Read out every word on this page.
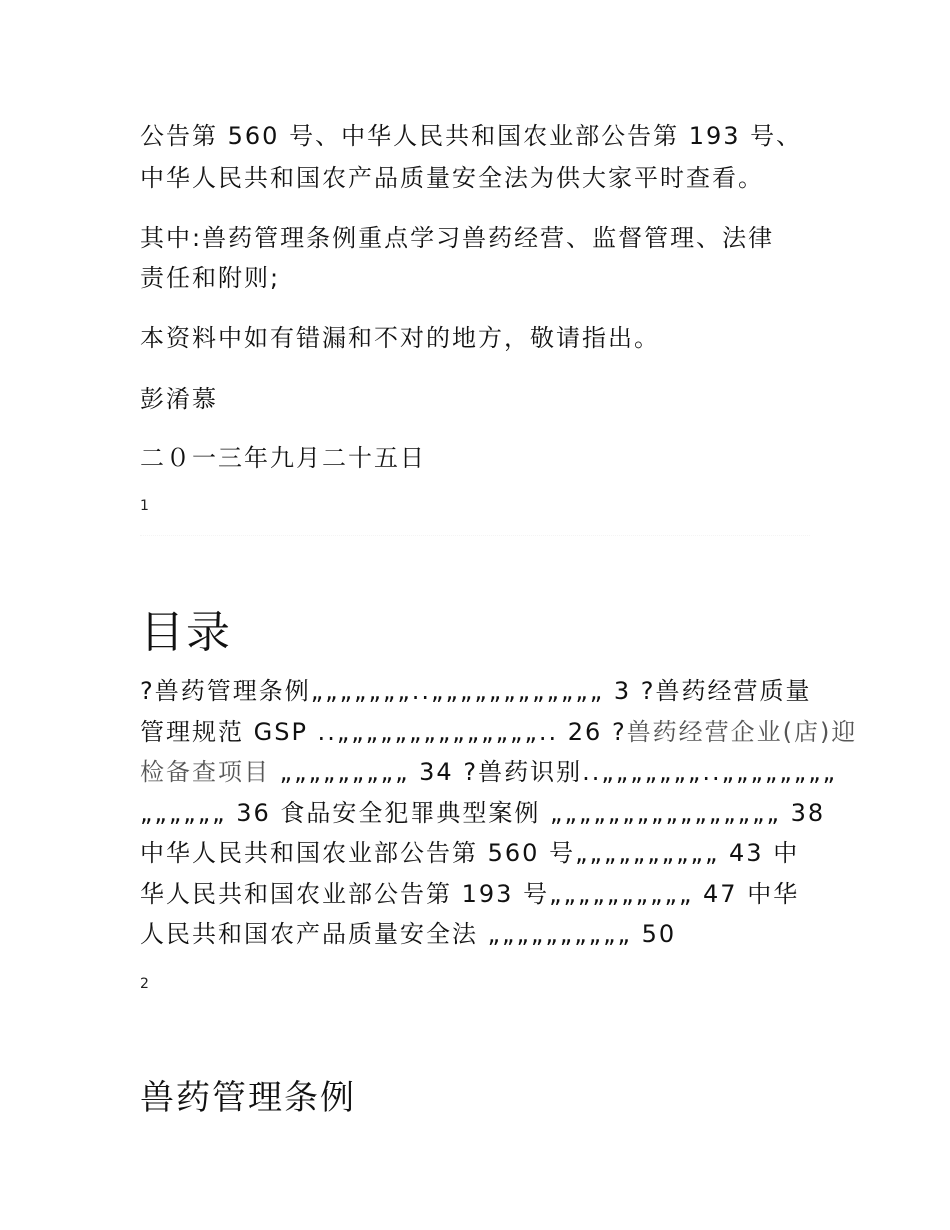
公告第 560 号、中华人民共和国农业部公告第 193 号、

中华人民共和国农产品质量安全法为供大家平时查看。

其中:兽药管理条例重点学习兽药经营、监督管理、法律

责任和附则;

本资料中如有错漏和不对的地方，敬请指出。

彭淆慕

二０一三年九月二十五日

1
目录
?兽药管理条例„„„„„„„..„„„„„„„„„„„„ 3 ?兽药经营质量
管理规范 GSP ..„„„„„„„„„„„„„„.. 26 ?兽药经营企业(店)迎
检备查项目 „„„„„„„„„ 34 ?兽药识别..„„„„„„„..„„„„„„„„
„„„„„„ 36 食品安全犯罪典型案例 „„„„„„„„„„„„„„„„ 38
中华人民共和国农业部公告第 560 号„„„„„„„„„„ 43 中
华人民共和国农业部公告第 193 号„„„„„„„„„„ 47 中华
人民共和国农产品质量安全法 „„„„„„„„„„ 50
2
兽药管理条例
